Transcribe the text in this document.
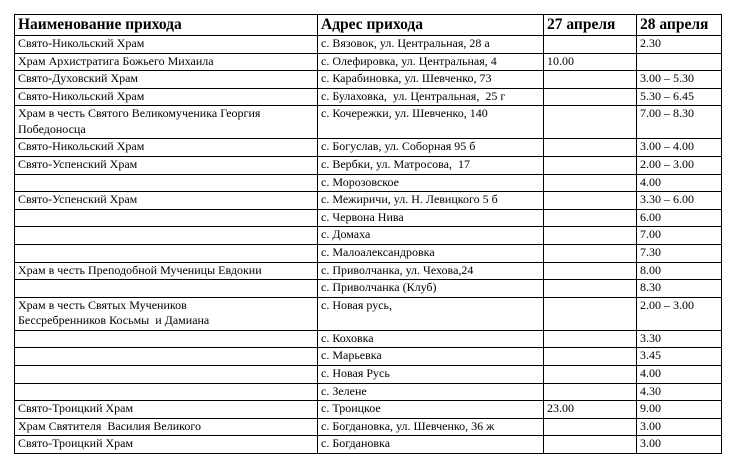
Наименование прихода	Адрес прихода	27 апреля	28 апреля
Свято-Никольский Храм	с. Вязовок, ул. Центральная, 28 а		2.30
Храм Архистратига Божьего Михаила	с. Олефировка, ул. Центральная, 4	10.00	
Свято-Духовский Храм	с. Карабиновка, ул. Шевченко, 73		3.00 – 5.30
Свято-Никольский Храм	с. Булаховка,  ул. Центральная,  25 г		5.30 – 6.45
Храм в честь Святого Великомученика Георгия Победоносца	с. Кочережки, ул. Шевченко, 140		7.00 – 8.30
Свято-Никольский Храм	с. Богуслав, ул. Соборная 95 б		3.00 – 4.00
Свято-Успенский Храм	с. Вербки, ул. Матросова,  17		2.00 – 3.00
	с. Морозовское		4.00
Свято-Успенский Храм	с. Межиричи, ул. Н. Левицкого 5 б		3.30 – 6.00
	с. Червона Нива		6.00
	с. Домаха		7.00
	с. Малоалександровка		7.30
Храм в честь Преподобной Мученицы Евдокии	с. Приволчанка, ул. Чехова,24		8.00
	с. Приволчанка (Клуб)		8.30
Храм в честь Святых Мучеников
Бессребренников Косьмы  и Дамиана	с. Новая русь,		2.00 – 3.00
	с. Коховка		3.30
	с. Марьевка		3.45
	с. Новая Русь		4.00
	с. Зелене		4.30
Свято-Троицкий Храм	с. Троицкое	23.00	9.00
Храм Святителя  Василия Великого	с. Богдановка, ул. Шевченко, 36 ж		3.00
Свято-Троицкий Храм	с. Богдановка		3.00
